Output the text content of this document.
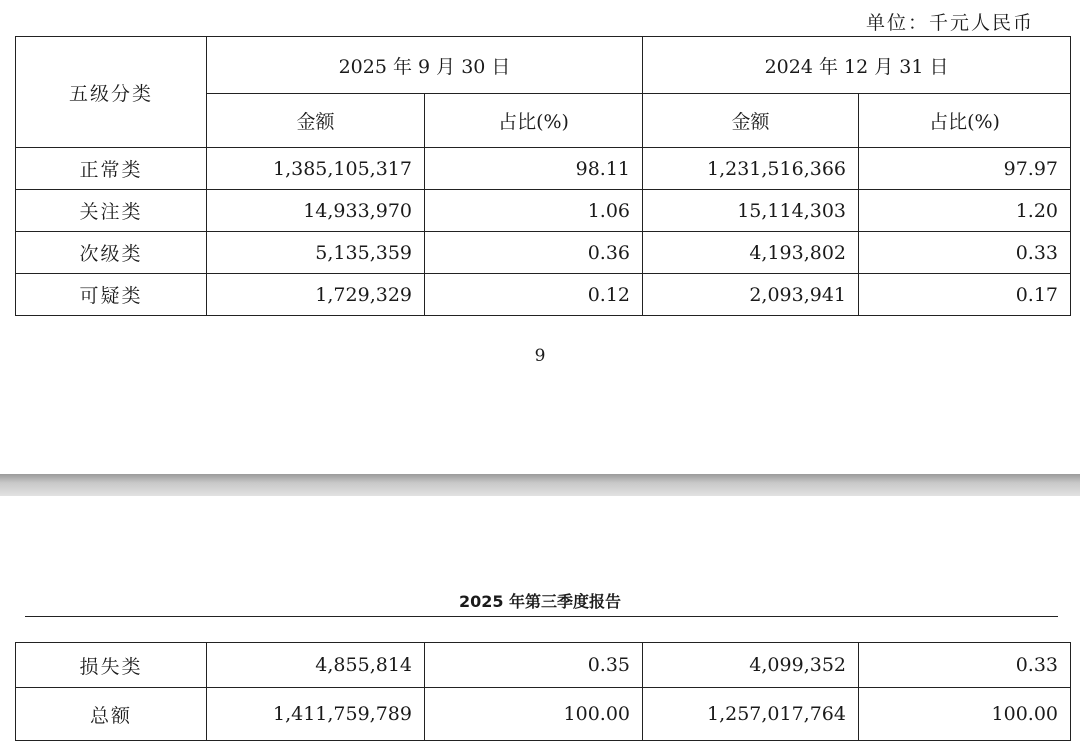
单位：千元人民币
五级分类	2025 年 9 月 30 日		2024 年 12 月 31 日	
	金额	占比(%)	金额	占比(%)
正常类	1,385,105,317	98.11	1,231,516,366	97.97
关注类	14,933,970	1.06	15,114,303	1.20
次级类	5,135,359	0.36	4,193,802	0.33
可疑类	1,729,329	0.12	2,093,941	0.17
9
2025 年第三季度报告
损失类	4,855,814	0.35	4,099,352	0.33
总额	1,411,759,789	100.00	1,257,017,764	100.00
